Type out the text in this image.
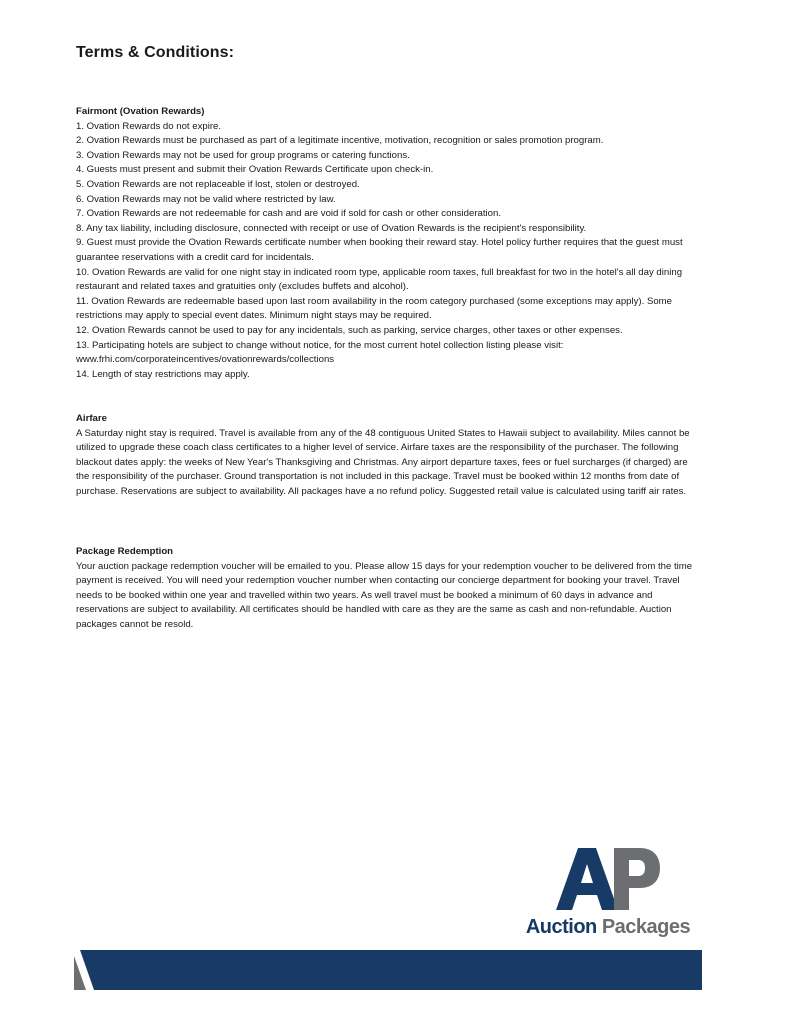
Terms & Conditions:

Fairmont (Ovation Rewards)

1. Ovation Rewards do not expire.
2. Ovation Rewards must be purchased as part of a legitimate incentive, motivation, recognition or sales promotion program.
3. Ovation Rewards may not be used for group programs or catering functions.
4. Guests must present and submit their Ovation Rewards Certificate upon check-in.
5. Ovation Rewards are not replaceable if lost, stolen or destroyed.
6. Ovation Rewards may not be valid where restricted by law.
7. Ovation Rewards are not redeemable for cash and are void if sold for cash or other consideration.
8. Any tax liability, including disclosure, connected with receipt or use of Ovation Rewards is the recipient's responsibility.
9. Guest must provide the Ovation Rewards certificate number when booking their reward stay. Hotel policy further requires that the guest must guarantee reservations with a credit card for incidentals.
10. Ovation Rewards are valid for one night stay in indicated room type, applicable room taxes, full breakfast for two in the hotel's all day dining restaurant and related taxes and gratuities only (excludes buffets and alcohol).
11. Ovation Rewards are redeemable based upon last room availability in the room category purchased (some exceptions may apply). Some restrictions may apply to special event dates. Minimum night stays may be required.
12. Ovation Rewards cannot be used to pay for any incidentals, such as parking, service charges, other taxes or other expenses.
13. Participating hotels are subject to change without notice, for the most current hotel collection listing please visit: www.frhi.com/corporateincentives/ovationrewards/collections
14. Length of stay restrictions may apply.

Airfare

A Saturday night stay is required. Travel is available from any of the 48 contiguous United States to Hawaii subject to availability. Miles cannot be utilized to upgrade these coach class certificates to a higher level of service. Airfare taxes are the responsibility of the purchaser. The following blackout dates apply: the weeks of New Year's Thanksgiving and Christmas. Any airport departure taxes, fees or fuel surcharges (if charged) are the responsibility of the purchaser. Ground transportation is not included in this package. Travel must be booked within 12 months from date of purchase. Reservations are subject to availability. All packages have a no refund policy. Suggested retail value is calculated using tariff air rates.

Package Redemption

Your auction package redemption voucher will be emailed to you. Please allow 15 days for your redemption voucher to be delivered from the time payment is received. You will need your redemption voucher number when contacting our concierge department for booking your travel. Travel needs to be booked within one year and travelled within two years. As well travel must be booked a minimum of 60 days in advance and reservations are subject to availability. All certificates should be handled with care as they are the same as cash and non-refundable. Auction packages cannot be resold.

AP
Auction Packages
